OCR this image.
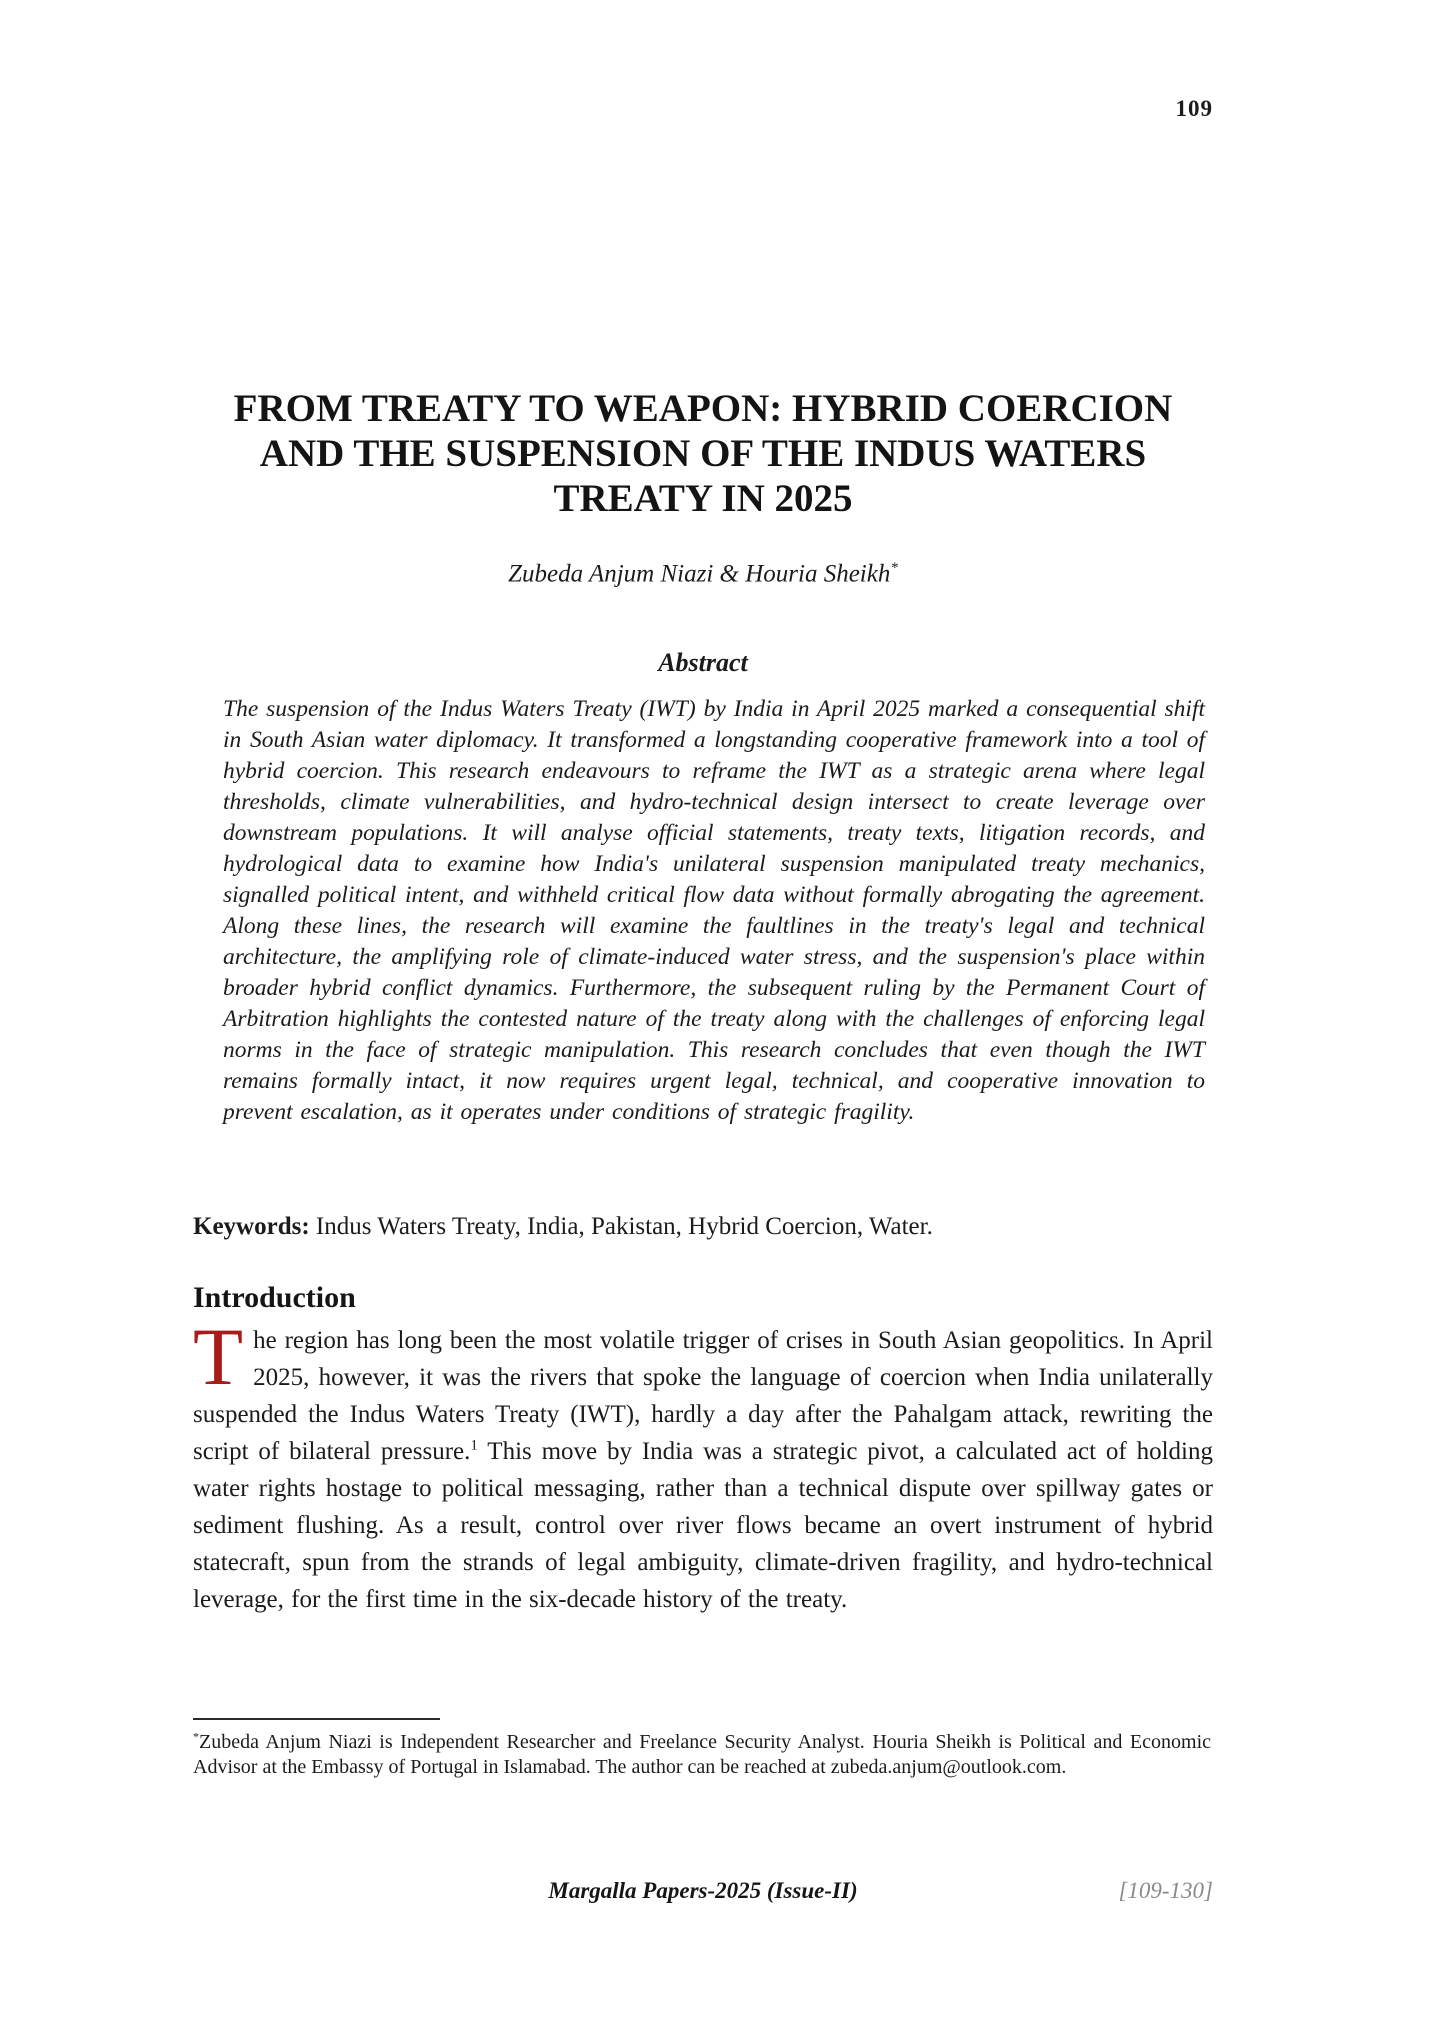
109
FROM TREATY TO WEAPON: HYBRID COERCION
AND THE SUSPENSION OF THE INDUS WATERS
TREATY IN 2025
Zubeda Anjum Niazi & Houria Sheikh*
Abstract
The suspension of the Indus Waters Treaty (IWT) by India in April 2025 marked a consequential shift in South Asian water diplomacy. It transformed a longstanding cooperative framework into a tool of hybrid coercion. This research endeavours to reframe the IWT as a strategic arena where legal thresholds, climate vulnerabilities, and hydro-technical design intersect to create leverage over downstream populations. It will analyse official statements, treaty texts, litigation records, and hydrological data to examine how India's unilateral suspension manipulated treaty mechanics, signalled political intent, and withheld critical flow data without formally abrogating the agreement. Along these lines, the research will examine the faultlines in the treaty's legal and technical architecture, the amplifying role of climate-induced water stress, and the suspension's place within broader hybrid conflict dynamics. Furthermore, the subsequent ruling by the Permanent Court of Arbitration highlights the contested nature of the treaty along with the challenges of enforcing legal norms in the face of strategic manipulation. This research concludes that even though the IWT remains formally intact, it now requires urgent legal, technical, and cooperative innovation to prevent escalation, as it operates under conditions of strategic fragility.
Keywords: Indus Waters Treaty, India, Pakistan, Hybrid Coercion, Water.
Introduction
The region has long been the most volatile trigger of crises in South Asian geopolitics. In April 2025, however, it was the rivers that spoke the language of coercion when India unilaterally suspended the Indus Waters Treaty (IWT), hardly a day after the Pahalgam attack, rewriting the script of bilateral pressure.$^1$ This move by India was a strategic pivot, a calculated act of holding water rights hostage to political messaging, rather than a technical dispute over spillway gates or sediment flushing. As a result, control over river flows became an overt instrument of hybrid statecraft, spun from the strands of legal ambiguity, climate-driven fragility, and hydro-technical leverage, for the first time in the six-decade history of the treaty.
*Zubeda Anjum Niazi is Independent Researcher and Freelance Security Analyst. Houria Sheikh is Political and Economic Advisor at the Embassy of Portugal in Islamabad. The author can be reached at zubeda.anjum@outlook.com.
Margalla Papers-2025 (Issue-II)	[109-130]
